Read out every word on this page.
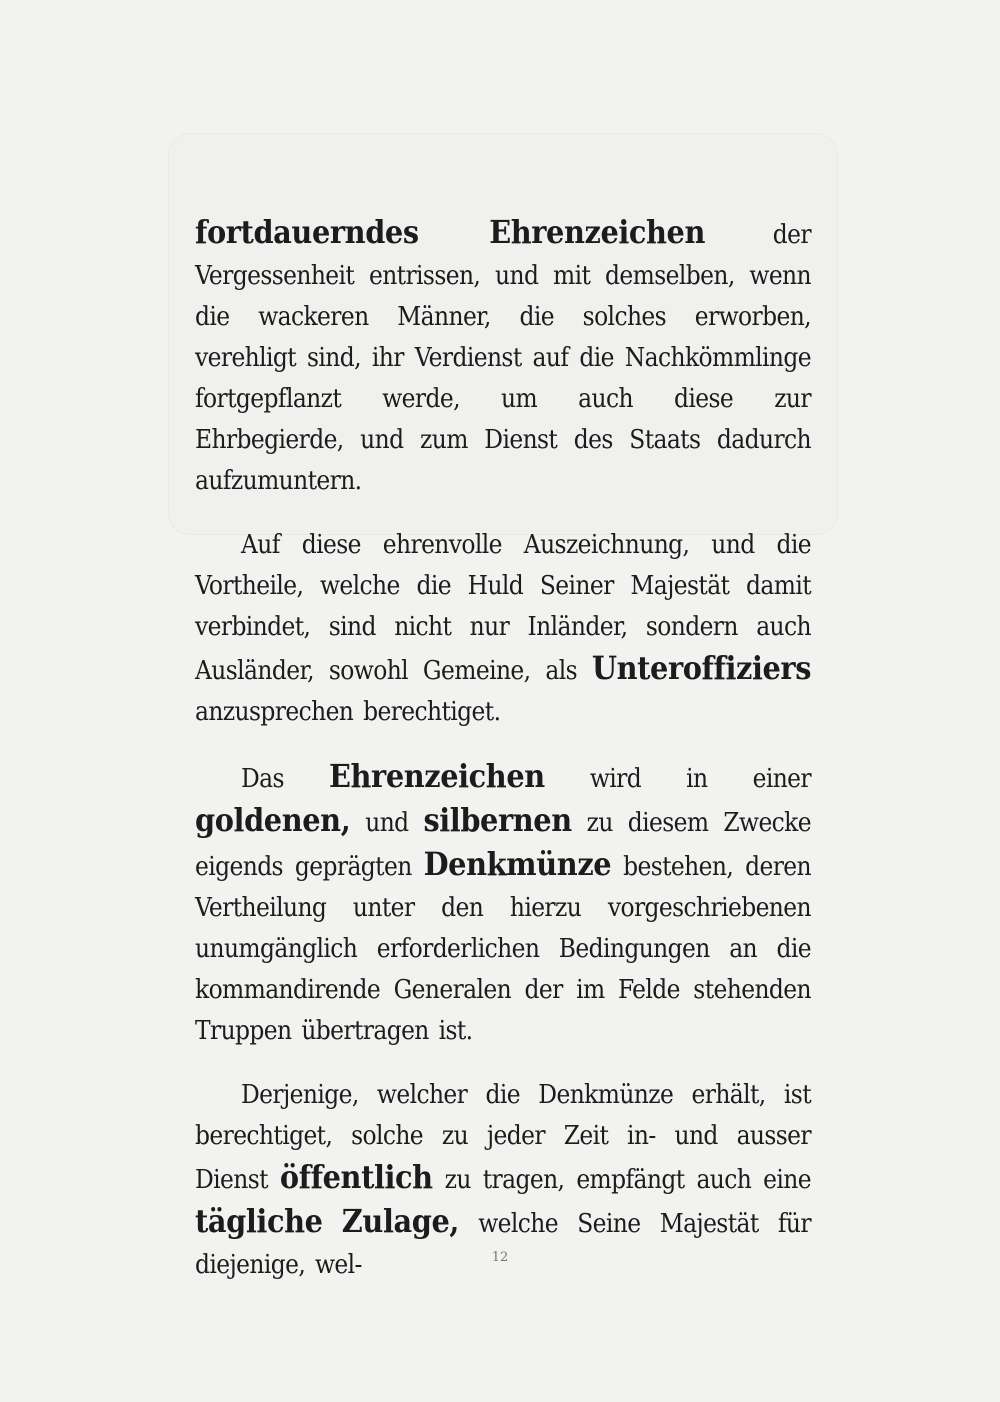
fortdauerndes Ehrenzeichen der Vergessenheit entrissen, und mit demselben, wenn die wackeren Männer, die solches erworben, verehligt sind, ihr Verdienst auf die Nachkömmlinge fortgepflanzt werde, um auch diese zur Ehrbegierde, und zum Dienst des Staats dadurch aufzumuntern.

Auf diese ehrenvolle Auszeichnung, und die Vortheile, welche die Huld Seiner Majestät damit verbindet, sind nicht nur Inländer, sondern auch Ausländer, sowohl Gemeine, als Unteroffiziers anzusprechen berechtiget.

Das Ehrenzeichen wird in einer goldenen, und silbernen zu diesem Zwecke eigends geprägten Denkmünze bestehen, deren Vertheilung unter den hierzu vorgeschriebenen unumgänglich erforderlichen Bedingungen an die kommandirende Generalen der im Felde stehenden Truppen übertragen ist.

Derjenige, welcher die Denkmünze erhält, ist berechtiget, solche zu jeder Zeit in- und ausser Dienst öffentlich zu tragen, empfängt auch eine tägliche Zulage, welche Seine Majestät für diejenige, wel-	12
